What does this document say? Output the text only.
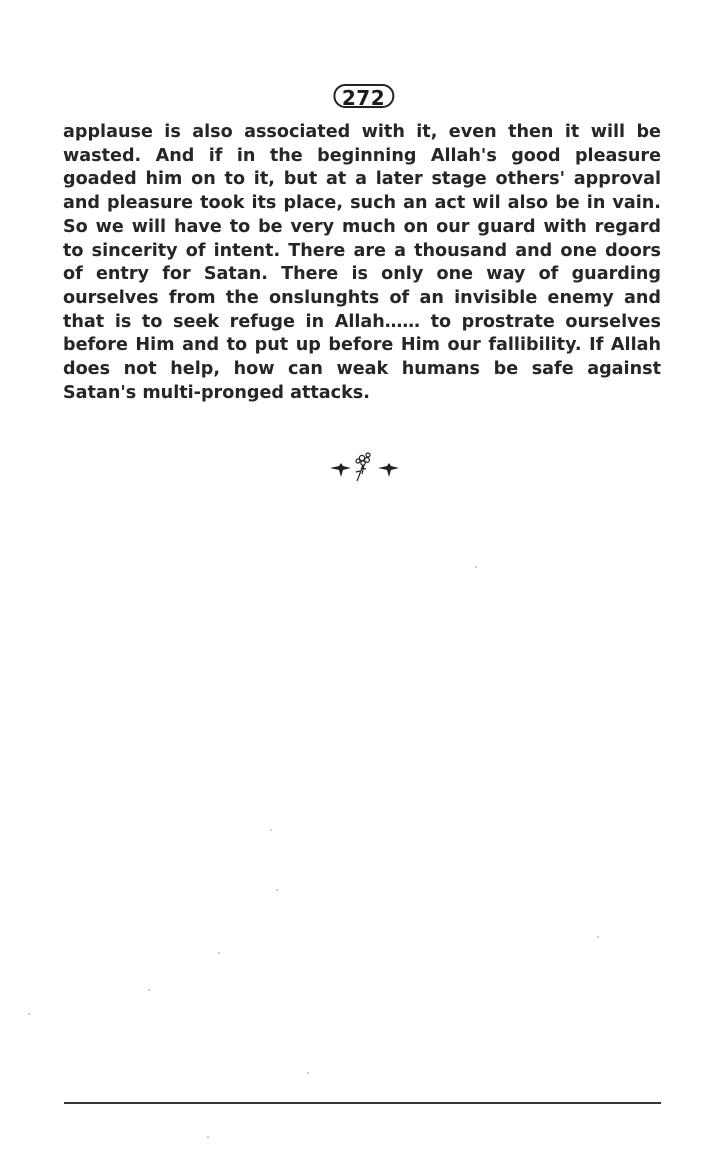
272

applause is also associated with it, even then it will be wasted. And if in the beginning Allah's good pleasure goaded him on to it, but at a later stage others' approval and pleasure took its place, such an act wil also be in vain. So we will have to be very much on our guard with regard to sincerity of intent. There are a thousand and one doors of entry for Satan. There is only one way of guarding ourselves from the onslunghts of an invisible enemy and that is to seek refuge in Allah…… to prostrate ourselves before Him and to put up before Him our fallibility. If Allah does not help, how can weak humans be safe against Satan's multi-pronged attacks.
